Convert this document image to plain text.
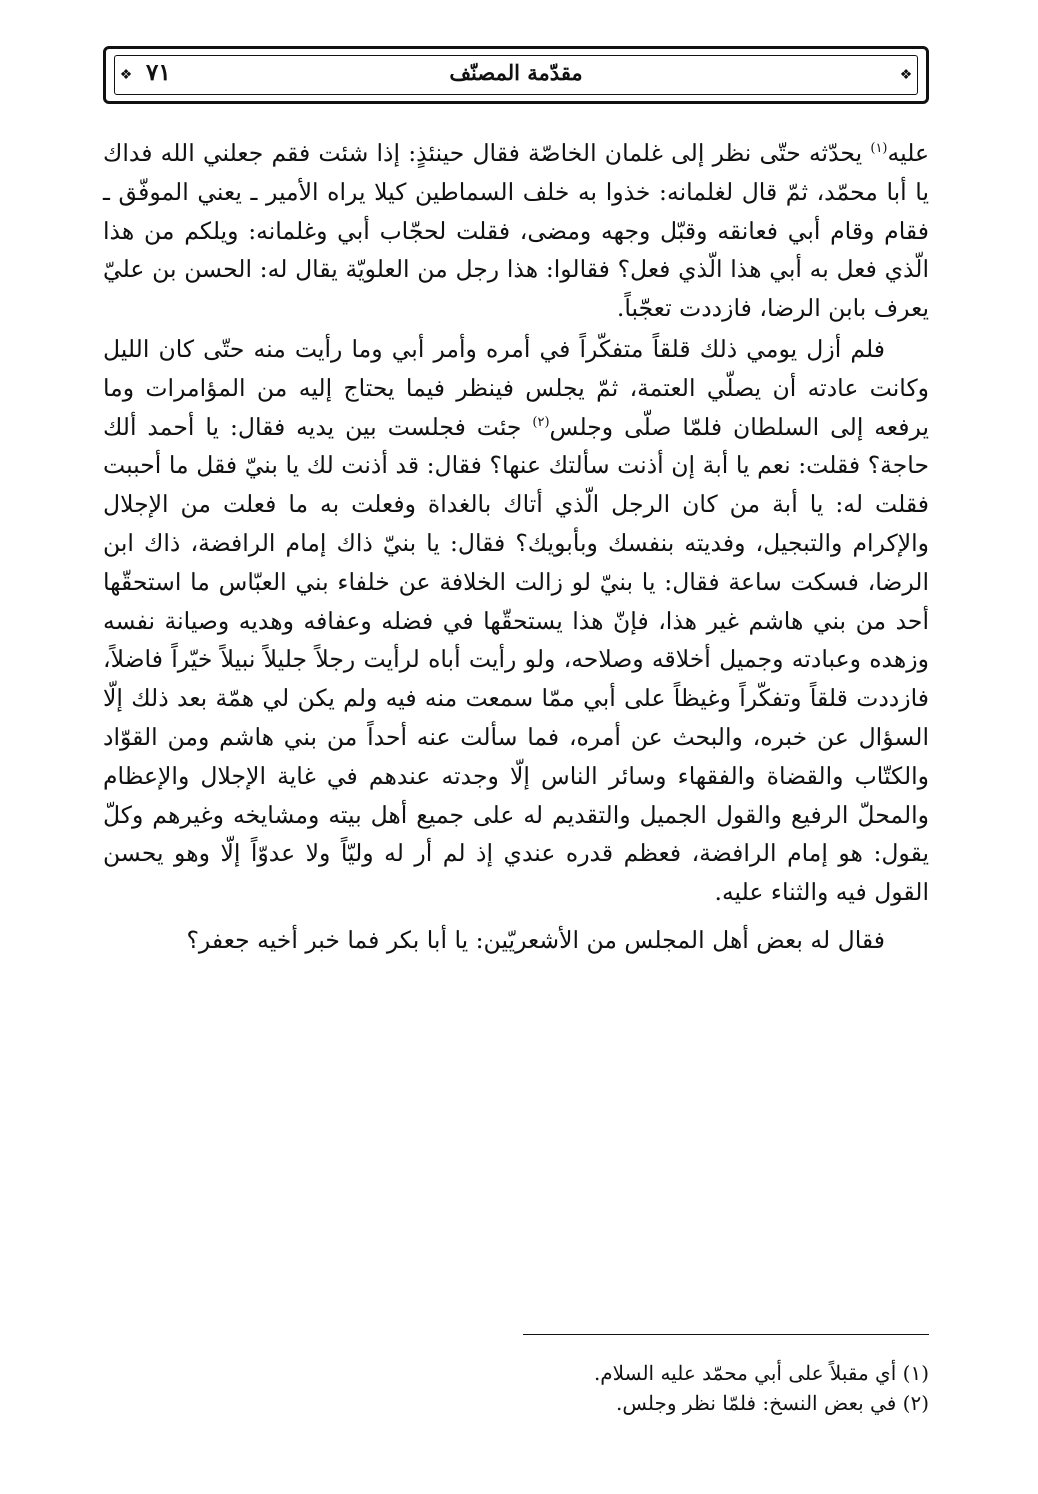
❖
❖	مقدّمة المصنّف
٧١

عليه$^{(١)}$ يحدّثه حتّى نظر إلى غلمان الخاصّة فقال حينئذٍ: إذا شئت فقم جعلني الله فداك يا أبا محمّد، ثمّ قال لغلمانه: خذوا به خلف السماطين كيلا يراه الأمير ـ يعني الموفّق ـ فقام وقام أبي فعانقه وقبّل وجهه ومضى، فقلت لحجّاب أبي وغلمانه: ويلكم من هذا الّذي فعل به أبي هذا الّذي فعل؟ فقالوا: هذا رجل من العلويّة يقال له: الحسن بن عليّ يعرف بابن الرضا، فازددت تعجّباً.

فلم أزل يومي ذلك قلقاً متفكّراً في أمره وأمر أبي وما رأيت منه حتّى كان الليل وكانت عادته أن يصلّي العتمة، ثمّ يجلس فينظر فيما يحتاج إليه من المؤامرات وما يرفعه إلى السلطان فلمّا صلّى وجلس$^{(٢)}$ جئت فجلست بين يديه فقال: يا أحمد ألك حاجة؟ فقلت: نعم يا أبة إن أذنت سألتك عنها؟ فقال: قد أذنت لك يا بنيّ فقل ما أحببت فقلت له: يا أبة من كان الرجل الّذي أتاك بالغداة وفعلت به ما فعلت من الإجلال والإكرام والتبجيل، وفديته بنفسك وبأبويك؟ فقال: يا بنيّ ذاك إمام الرافضة، ذاك ابن الرضا، فسكت ساعة فقال: يا بنيّ لو زالت الخلافة عن خلفاء بني العبّاس ما استحقّها أحد من بني هاشم غير هذا، فإنّ هذا يستحقّها في فضله وعفافه وهديه وصيانة نفسه وزهده وعبادته وجميل أخلاقه وصلاحه، ولو رأيت أباه لرأيت رجلاً جليلاً نبيلاً خيّراً فاضلاً، فازددت قلقاً وتفكّراً وغيظاً على أبي ممّا سمعت منه فيه ولم يكن لي همّة بعد ذلك إلّا السؤال عن خبره، والبحث عن أمره، فما سألت عنه أحداً من بني هاشم ومن القوّاد والكتّاب والقضاة والفقهاء وسائر الناس إلّا وجدته عندهم في غاية الإجلال والإعظام والمحلّ الرفيع والقول الجميل والتقديم له على جميع أهل بيته ومشايخه وغيرهم وكلّ يقول: هو إمام الرافضة، فعظم قدره عندي إذ لم أر له وليّاً ولا عدوّاً إلّا وهو يحسن القول فيه والثناء عليه.

فقال له بعض أهل المجلس من الأشعريّين: يا أبا بكر فما خبر أخيه جعفر؟

(١) أي مقبلاً على أبي محمّد عليه السلام. (٢) في بعض النسخ: فلمّا نظر وجلس.
